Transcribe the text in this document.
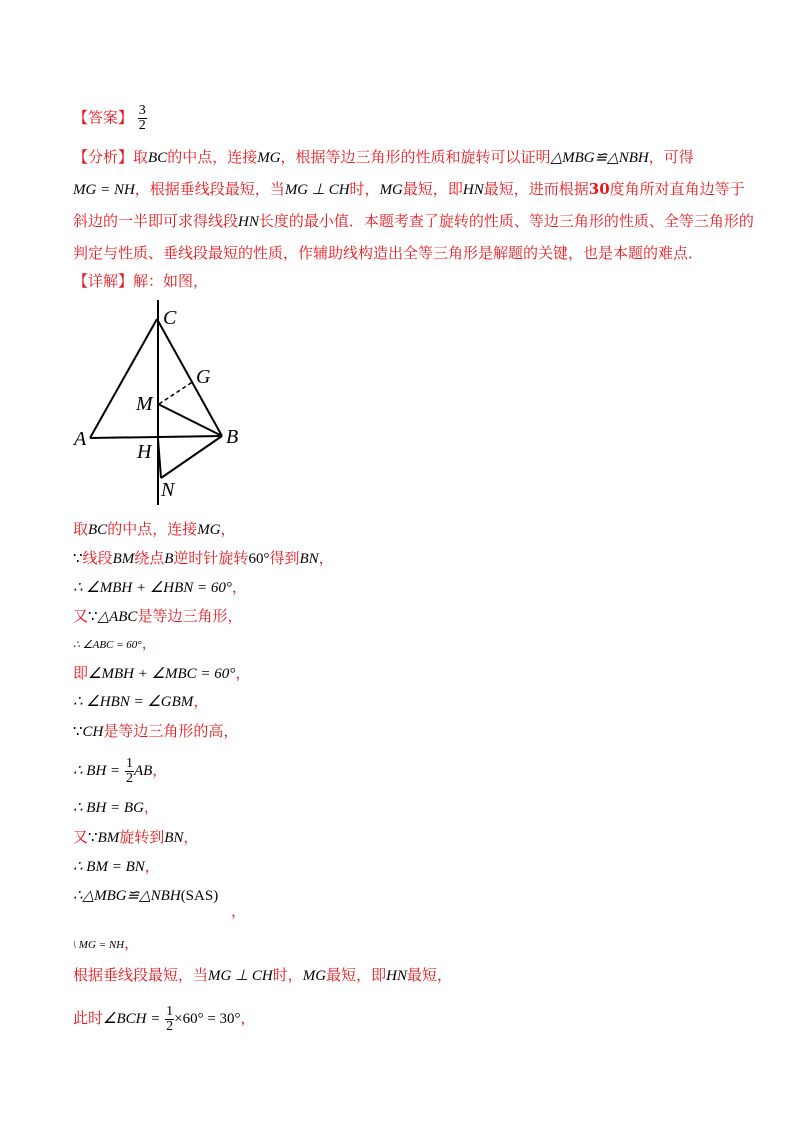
【答案】 $\frac{3}{2}$
【分析】取BC的中点，连接MG，根据等边三角形的性质和旋转可以证明△MBG≌△NBH，可得
MG = NH，根据垂线段最短，当MG ⊥ CH时，MG最短，即HN最短，进而根据30度角所对直角边等于
斜边的一半即可求得线段HN长度的最小值．本题考查了旋转的性质、等边三角形的性质、全等三角形的
判定与性质、垂线段最短的性质，作辅助线构造出全等三角形是解题的关键，也是本题的难点．
【详解】解：如图，
C
G
M
A
H
B
N
取BC的中点，连接MG，
∵线段BM绕点B逆时针旋转60°得到BN，
∴ ∠MBH + ∠HBN = 60°，
又∵△ABC是等边三角形，
∴ ∠ABC = 60°，
即∠MBH + ∠MBC = 60°，
∴ ∠HBN = ∠GBM，
∵CH是等边三角形的高，
∴ BH = $\frac{1}{2}$ AB，
∴ BH = BG，
又∵BM旋转到BN，
∴ BM = BN，
∴△MBG≌△NBH(SAS)
，
\ MG = NH，
根据垂线段最短，当MG ⊥ CH时，MG最短，即HN最短，
此时∠BCH = $\frac{1}{2} \times 60^\circ = 30^\circ$，
